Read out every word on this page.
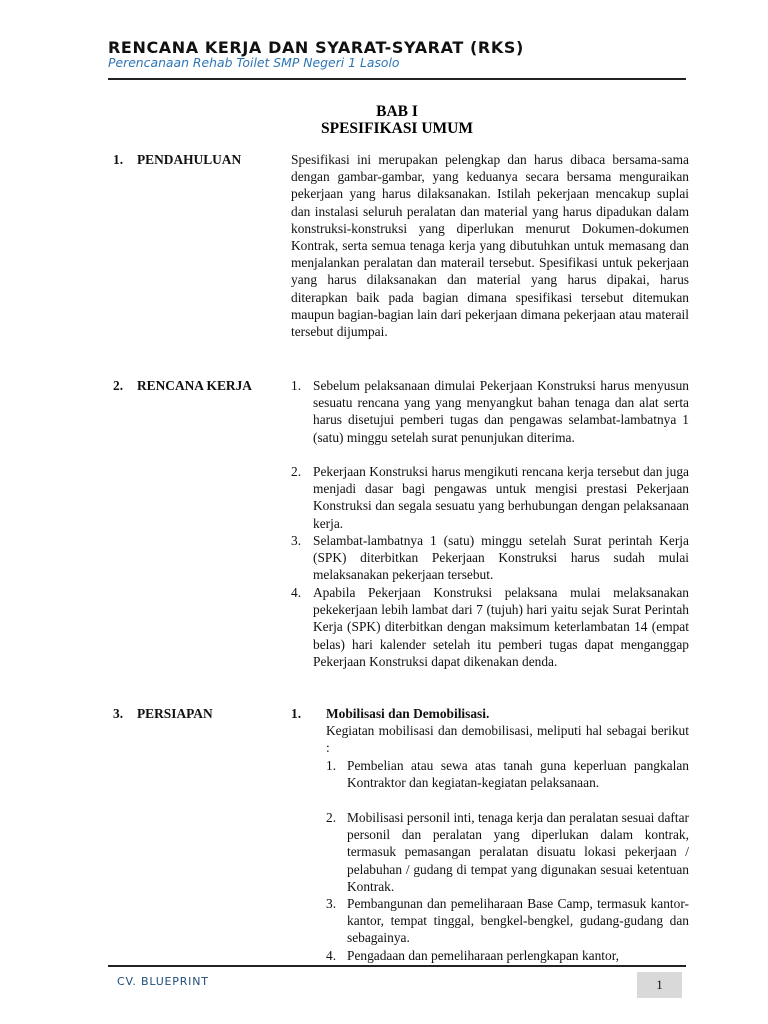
RENCANA KERJA DAN SYARAT-SYARAT (RKS)
Perencanaan Rehab Toilet SMP Negeri 1 Lasolo
BAB I
SPESIFIKASI UMUM
1. PENDAHULUAN	Spesifikasi ini merupakan pelengkap dan harus dibaca bersama-sama dengan gambar-gambar, yang keduanya secara bersama menguraikan pekerjaan yang harus dilaksanakan. Istilah pekerjaan mencakup suplai dan instalasi seluruh peralatan dan material yang harus dipadukan dalam konstruksi-konstruksi yang diperlukan menurut Dokumen-dokumen Kontrak, serta semua tenaga kerja yang dibutuhkan untuk memasang dan menjalankan peralatan dan materail tersebut. Spesifikasi untuk pekerjaan yang harus dilaksanakan dan material yang harus dipakai, harus diterapkan baik pada bagian dimana spesifikasi tersebut ditemukan maupun bagian-bagian lain dari pekerjaan dimana pekerjaan atau materail tersebut dijumpai.
2. RENCANA KERJA	1. Sebelum pelaksanaan dimulai Pekerjaan Konstruksi harus menyusun sesuatu rencana yang yang menyangkut bahan tenaga dan alat serta harus disetujui pemberi tugas dan pengawas selambat-lambatnya 1 (satu) minggu setelah surat penunjukan diterima.
2. Pekerjaan Konstruksi harus mengikuti rencana kerja tersebut dan juga menjadi dasar bagi pengawas untuk mengisi prestasi Pekerjaan Konstruksi dan segala sesuatu yang berhubungan dengan pelaksanaan kerja.
3. Selambat-lambatnya 1 (satu) minggu setelah Surat perintah Kerja (SPK) diterbitkan Pekerjaan Konstruksi harus sudah mulai melaksanakan pekerjaan tersebut.
4. Apabila Pekerjaan Konstruksi pelaksana mulai melaksanakan pekekerjaan lebih lambat dari 7 (tujuh) hari yaitu sejak Surat Perintah Kerja (SPK) diterbitkan dengan maksimum keterlambatan 14 (empat belas) hari kalender setelah itu pemberi tugas dapat menganggap Pekerjaan Konstruksi dapat dikenakan denda.
3. PERSIAPAN	1. Mobilisasi dan Demobilisasi.
Kegiatan mobilisasi dan demobilisasi, meliputi hal sebagai berikut :
1. Pembelian atau sewa atas tanah guna keperluan pangkalan Kontraktor dan kegiatan-kegiatan pelaksanaan.
2. Mobilisasi personil inti, tenaga kerja dan peralatan sesuai daftar personil dan peralatan yang diperlukan dalam kontrak, termasuk pemasangan peralatan disuatu lokasi pekerjaan / pelabuhan / gudang di tempat yang digunakan sesuai ketentuan Kontrak.
3. Pembangunan dan pemeliharaan Base Camp, termasuk kantor-kantor, tempat tinggal, bengkel-bengkel, gudang-gudang dan sebagainya.
4. Pengadaan dan pemeliharaan perlengkapan kantor,
CV. BLUEPRINT	1
